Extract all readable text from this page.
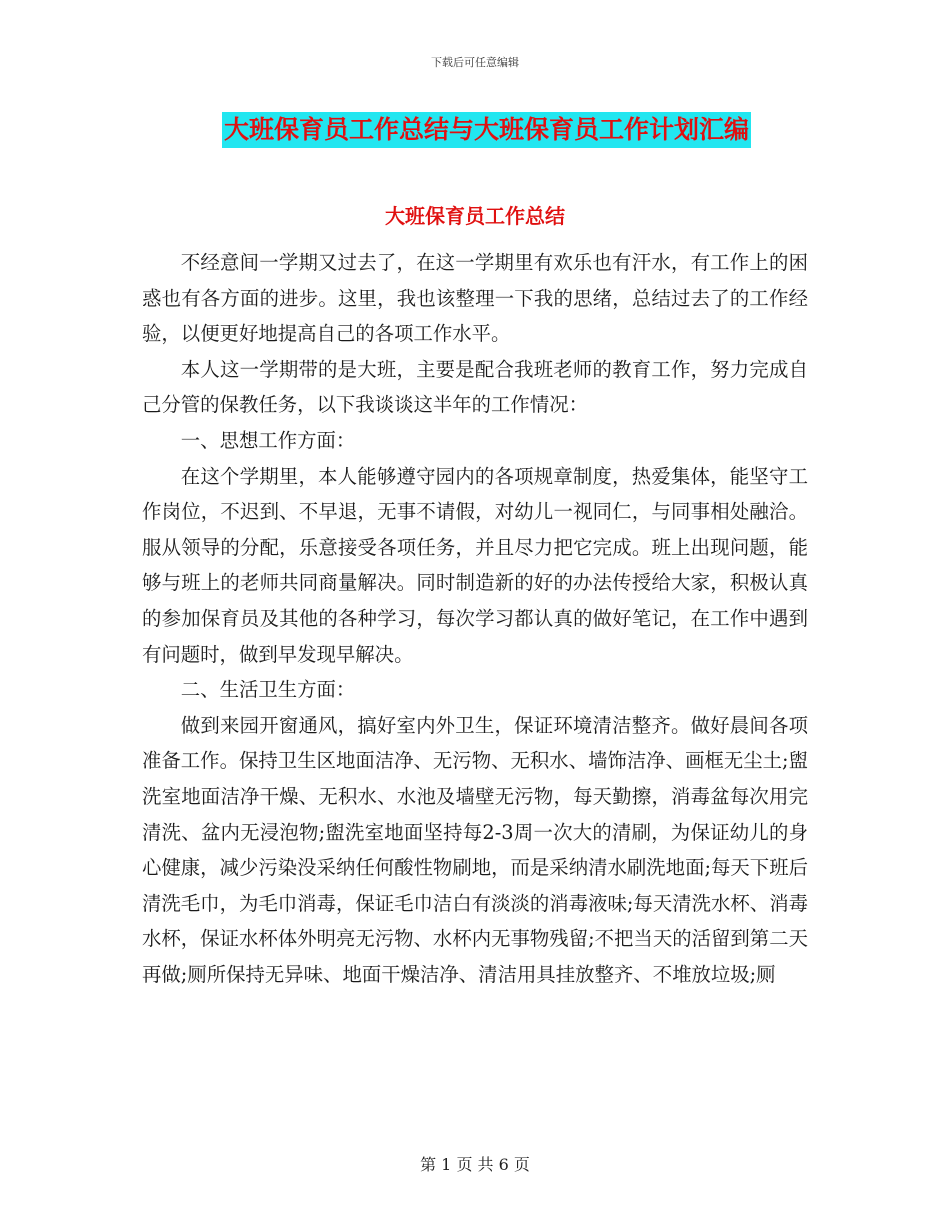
下载后可任意编辑
大班保育员工作总结与大班保育员工作计划汇编
大班保育员工作总结

不经意间一学期又过去了，在这一学期里有欢乐也有汗水，有工作上的困惑也有各方面的进步。这里，我也该整理一下我的思绪，总结过去了的工作经验，以便更好地提高自己的各项工作水平。

本人这一学期带的是大班，主要是配合我班老师的教育工作，努力完成自己分管的保教任务，以下我谈谈这半年的工作情况：

一、思想工作方面：

在这个学期里，本人能够遵守园内的各项规章制度，热爱集体，能坚守工作岗位，不迟到、不早退，无事不请假，对幼儿一视同仁，与同事相处融洽。服从领导的分配，乐意接受各项任务，并且尽力把它完成。班上出现问题，能够与班上的老师共同商量解决。同时制造新的好的办法传授给大家，积极认真的参加保育员及其他的各种学习，每次学习都认真的做好笔记，在工作中遇到有问题时，做到早发现早解决。

二、生活卫生方面：

做到来园开窗通风，搞好室内外卫生，保证环境清洁整齐。做好晨间各项准备工作。保持卫生区地面洁净、无污物、无积水、墙饰洁净、画框无尘土;盥洗室地面洁净干燥、无积水、水池及墙壁无污物，每天勤擦，消毒盆每次用完清洗、盆内无浸泡物;盥洗室地面坚持每2-3周一次大的清刷，为保证幼儿的身心健康，减少污染没采纳任何酸性物刷地，而是采纳清水刷洗地面;每天下班后清洗毛巾，为毛巾消毒，保证毛巾洁白有淡淡的消毒液味;每天清洗水杯、消毒水杯，保证水杯体外明亮无污物、水杯内无事物残留;不把当天的活留到第二天再做;厕所保持无异味、地面干燥洁净、清洁用具挂放整齐、不堆放垃圾;厕

第 1 页 共 6 页
